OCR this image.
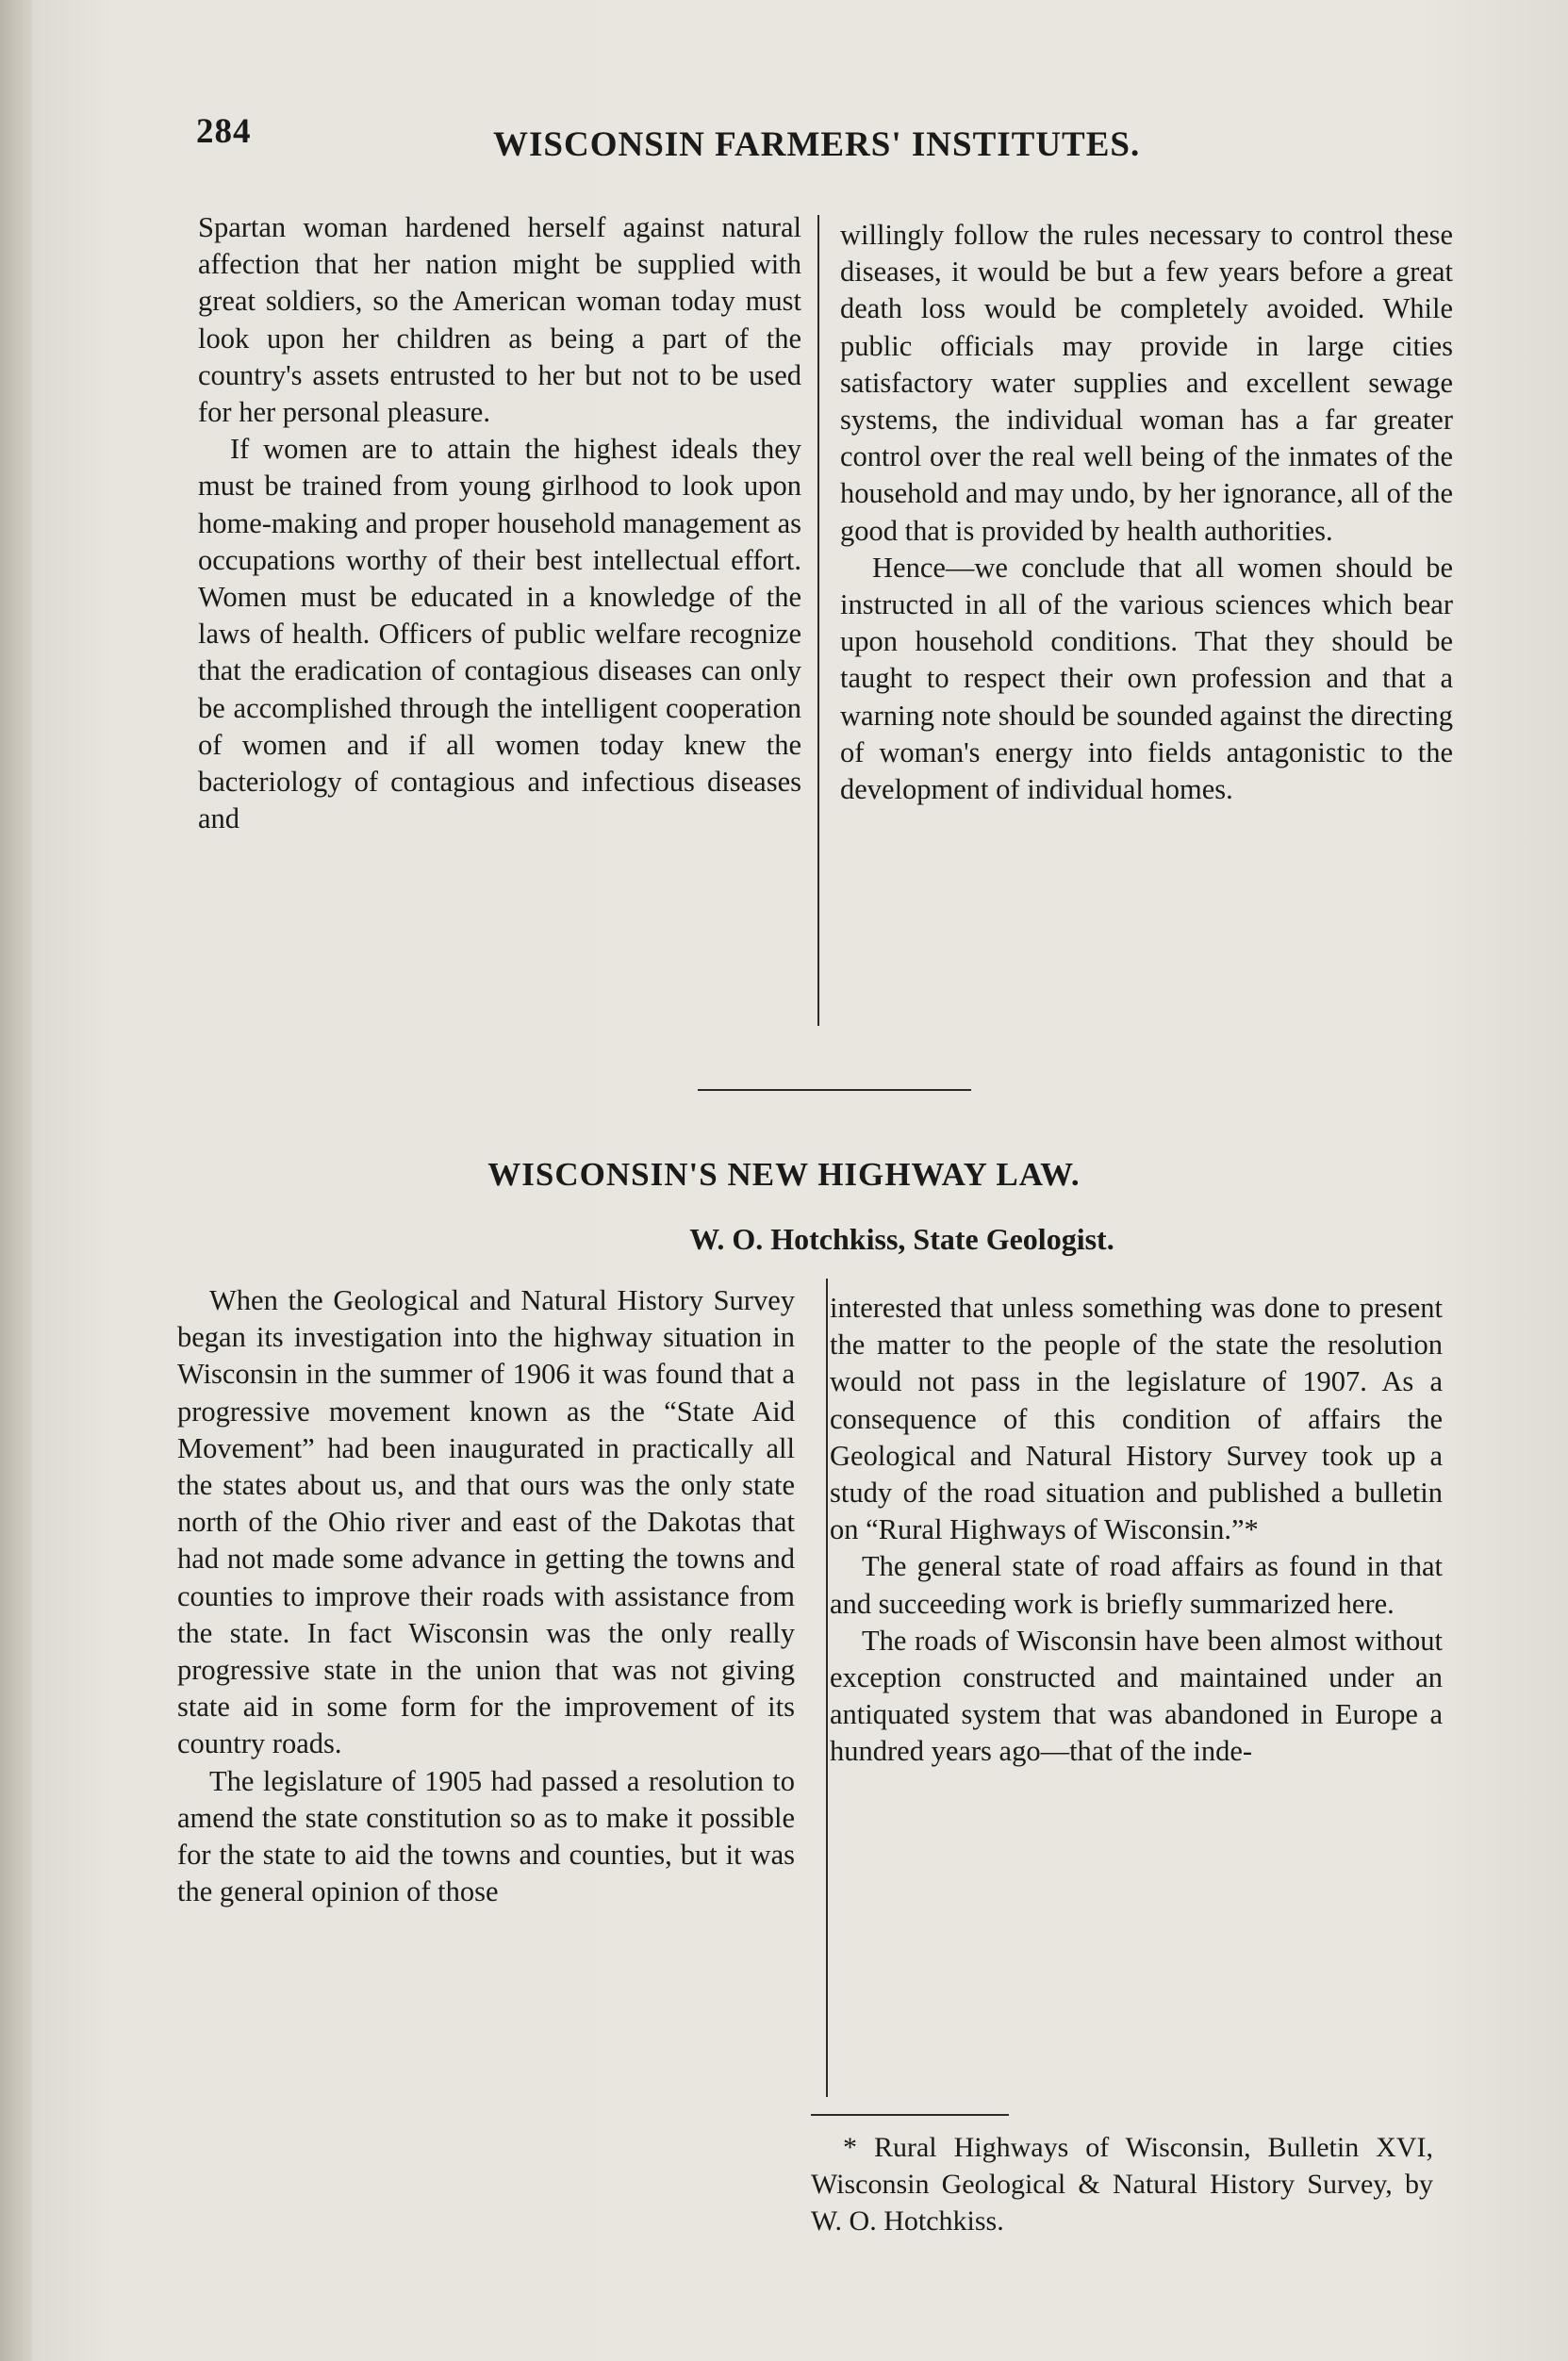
284	WISCONSIN FARMERS' INSTITUTES.

Spartan woman hardened herself against natural affection that her nation might be supplied with great soldiers, so the American woman today must look upon her children as being a part of the country's assets entrusted to her but not to be used for her personal pleasure.

If women are to attain the highest ideals they must be trained from young girlhood to look upon home-making and proper household management as occupations worthy of their best intellectual effort. Women must be educated in a knowledge of the laws of health. Officers of public welfare recognize that the eradication of contagious diseases can only be accomplished through the intelligent cooperation of women and if all women today knew the bacteriology of contagious and infectious diseases and

willingly follow the rules necessary to control these diseases, it would be but a few years before a great death loss would be completely avoided. While public officials may provide in large cities satisfactory water supplies and excellent sewage systems, the individual woman has a far greater control over the real well being of the inmates of the household and may undo, by her ignorance, all of the good that is provided by health authorities.

Hence—we conclude that all women should be instructed in all of the various sciences which bear upon household conditions. That they should be taught to respect their own profession and that a warning note should be sounded against the directing of woman's energy into fields antagonistic to the development of individual homes.

WISCONSIN'S NEW HIGHWAY LAW.
W. O. Hotchkiss, State Geologist.

When the Geological and Natural History Survey began its investigation into the highway situation in Wisconsin in the summer of 1906 it was found that a progressive movement known as the “State Aid Movement” had been inaugurated in practically all the states about us, and that ours was the only state north of the Ohio river and east of the Dakotas that had not made some advance in getting the towns and counties to improve their roads with assistance from the state. In fact Wisconsin was the only really progressive state in the union that was not giving state aid in some form for the improvement of its country roads.

The legislature of 1905 had passed a resolution to amend the state constitution so as to make it possible for the state to aid the towns and counties, but it was the general opinion of those

interested that unless something was done to present the matter to the people of the state the resolution would not pass in the legislature of 1907. As a consequence of this condition of affairs the Geological and Natural History Survey took up a study of the road situation and published a bulletin on “Rural Highways of Wisconsin.”*

The general state of road affairs as found in that and succeeding work is briefly summarized here.

The roads of Wisconsin have been almost without exception constructed and maintained under an antiquated system that was abandoned in Europe a hundred years ago—that of the inde-

* Rural Highways of Wisconsin, Bulletin XVI, Wisconsin Geological & Natural History Survey, by W. O. Hotchkiss.
